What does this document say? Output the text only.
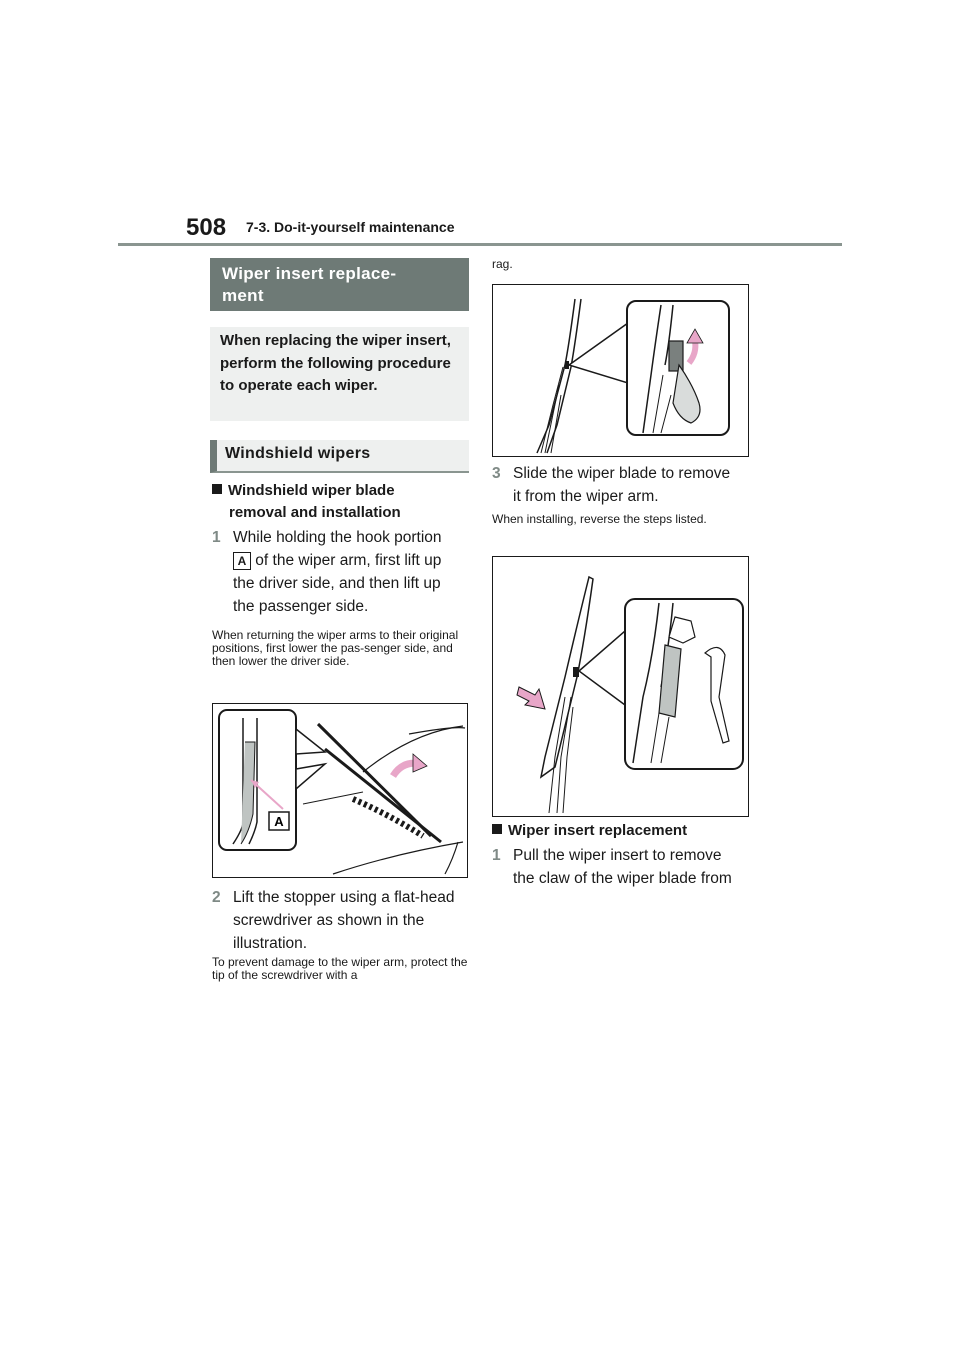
508 7-3. Do-it-yourself maintenance
Wiper insert replace-
ment
When replacing the wiper insert, perform the following procedure to operate each wiper.
Windshield wipers
Windshield wiper blade
removal and installation
1 While holding the hook portion
A of the wiper arm, first lift up
the driver side, and then lift up
the passenger side.
When returning the wiper arms to their original positions, first lower the pas-senger side, and then lower the driver side.
A
2 Lift the stopper using a flat-head
screwdriver as shown in the
illustration.
To prevent damage to the wiper arm, protect the tip of the screwdriver with a
rag.
3 Slide the wiper blade to remove
it from the wiper arm.
When installing, reverse the steps listed.
Wiper insert replacement
1 Pull the wiper insert to remove
the claw of the wiper blade from
